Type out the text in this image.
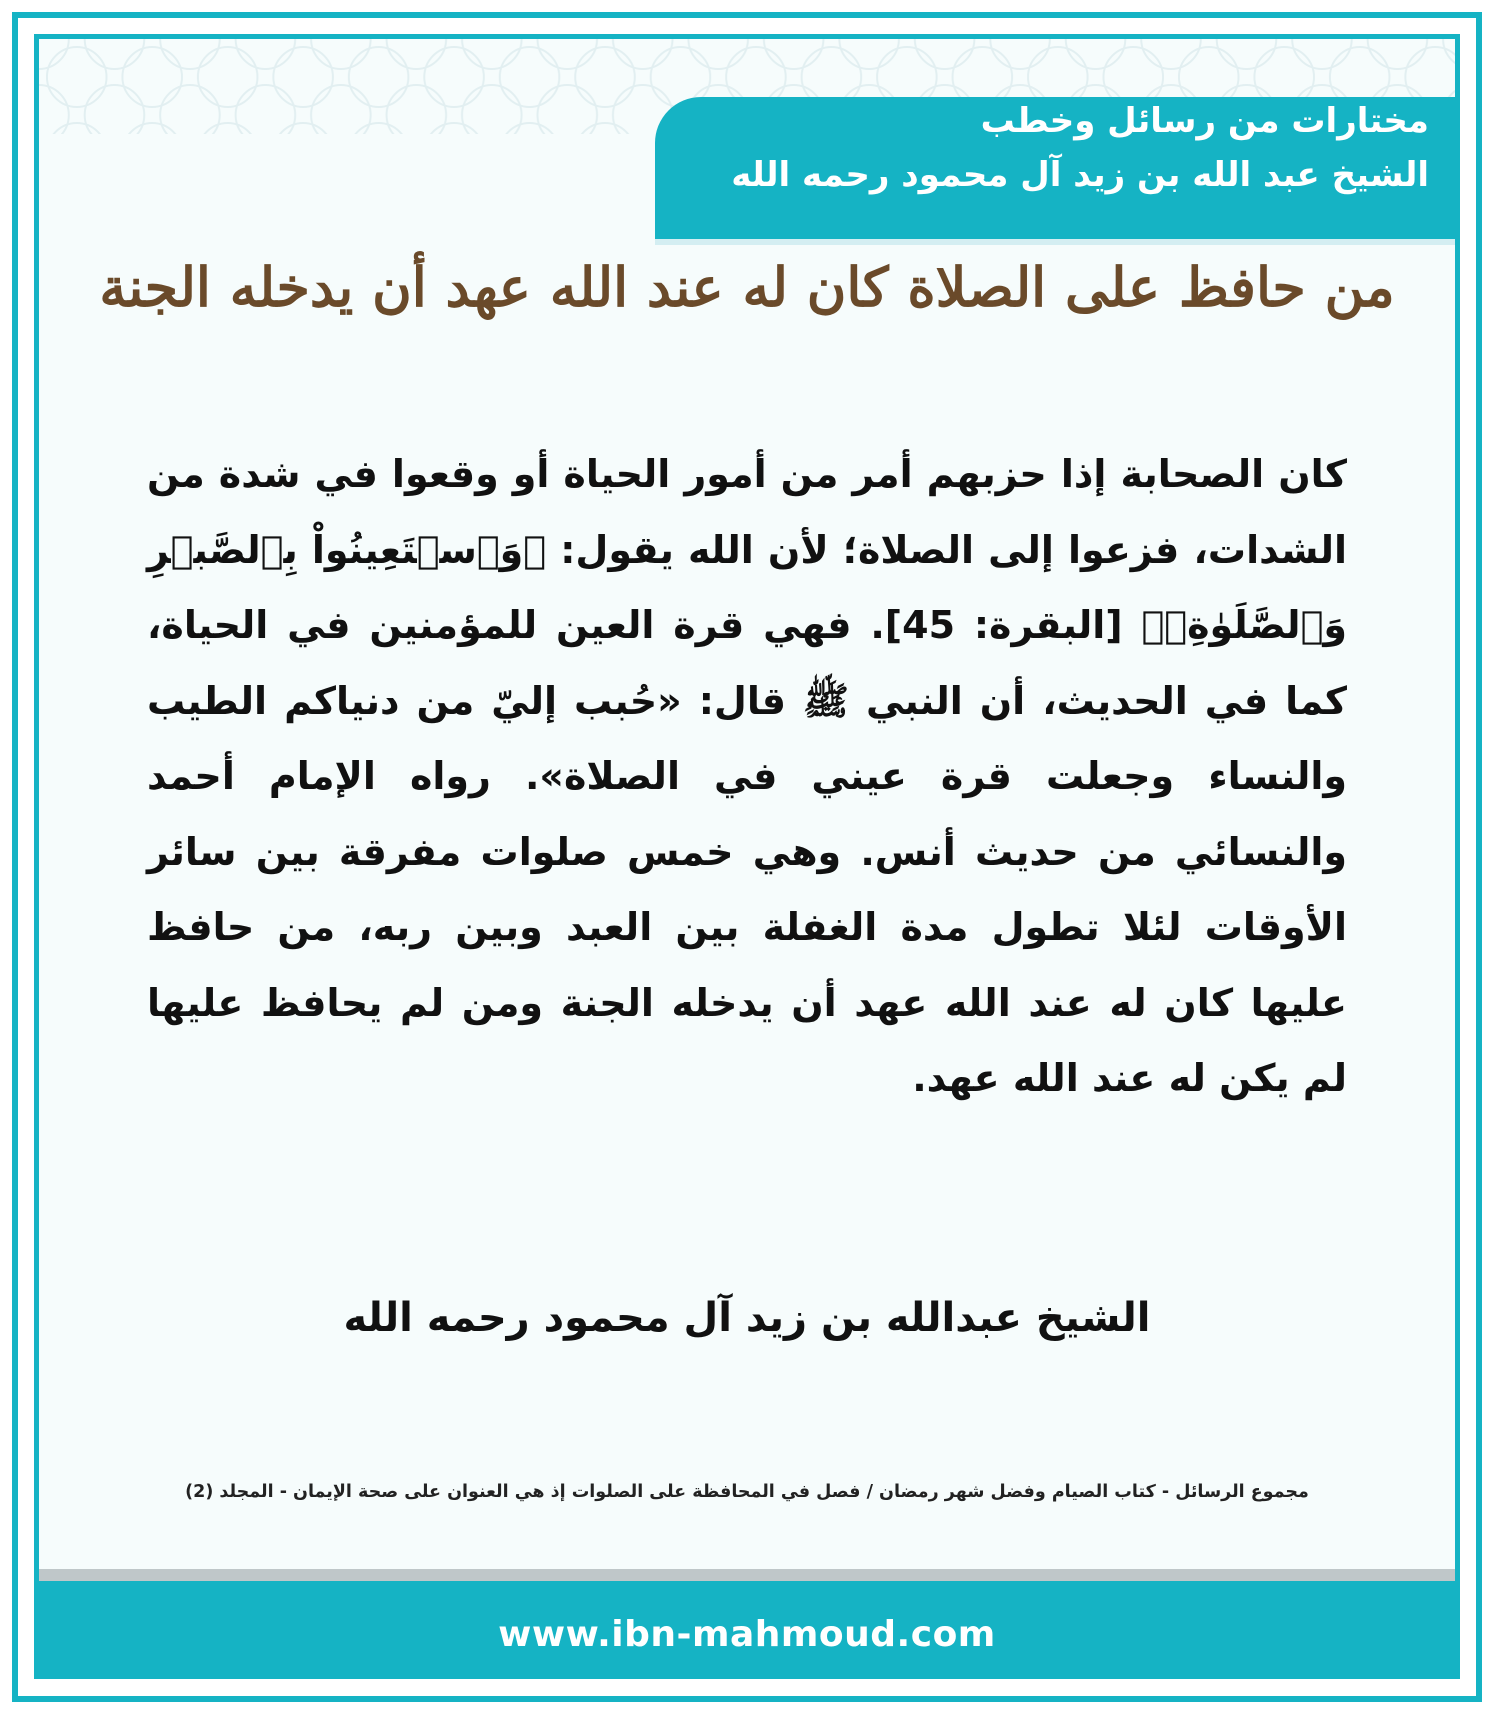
مختارات من رسائل وخطب
الشيخ عبد الله بن زيد آل محمود رحمه الله
من حافظ على الصلاة كان له عند الله عهد أن يدخله الجنة

كان الصحابة إذا حزبهم أمر من أمور الحياة أو وقعوا في شدة من الشدات، فزعوا إلى الصلاة؛ لأن الله يقول: ﴿وَٱسۡتَعِينُواْ بِٱلصَّبۡرِ وَٱلصَّلَوٰةِۚ﴾ [البقرة: 45]. فهي قرة العين للمؤمنين في الحياة، كما في الحديث، أن النبي ﷺ قال: «حُبب إليّ من دنياكم الطيب والنساء وجعلت قرة عيني في الصلاة». رواه الإمام أحمد والنسائي من حديث أنس. وهي خمس صلوات مفرقة بين سائر الأوقات لئلا تطول مدة الغفلة بين العبد وبين ربه، من حافظ عليها كان له عند الله عهد أن يدخله الجنة ومن لم يحافظ عليها لم يكن له عند الله عهد.

الشيخ عبدالله بن زيد آل محمود رحمه الله

مجموع الرسائل - كتاب الصيام وفضل شهر رمضان / فصل في المحافظة على الصلوات إذ هي العنوان على صحة الإيمان - المجلد (2)

www.ibn-mahmoud.com
